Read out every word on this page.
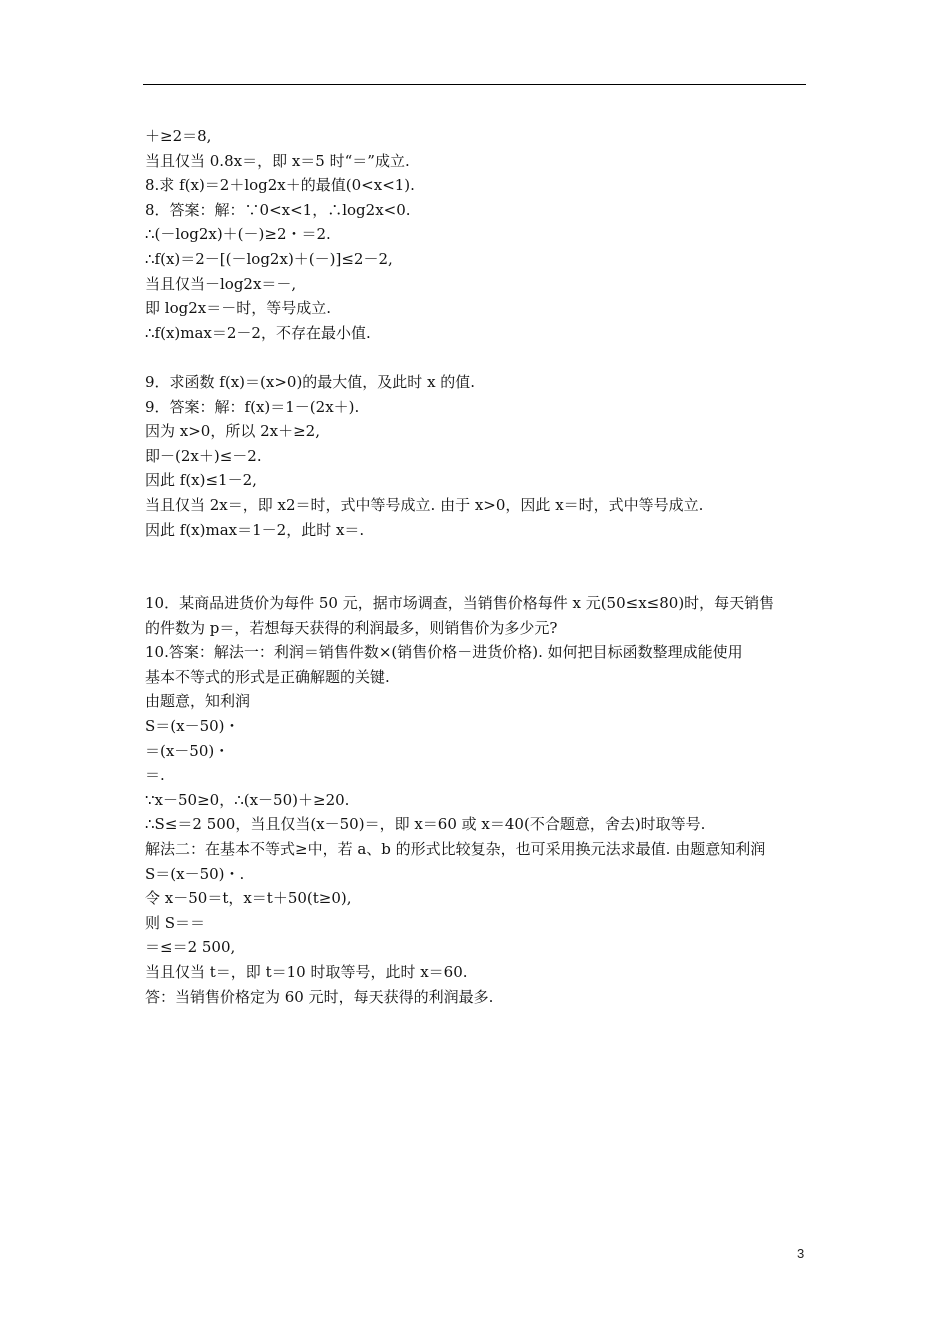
＋≥2＝8,
当且仅当 0.8x＝，即 x＝5 时“＝”成立.
8.求 f(x)＝2＋log2x＋的最值(0<x<1).
8．答案：解：∵0<x<1，∴log2x<0.
∴(－log2x)＋(－)≥2・＝2.
∴f(x)＝2－[(－log2x)＋(－)]≤2－2,
当且仅当－log2x＝－,
即 log2x＝－时，等号成立.
∴f(x)max＝2－2，不存在最小值.
9．求函数 f(x)＝(x>0)的最大值，及此时 x 的值.
9．答案：解：f(x)＝1－(2x＋).
因为 x>0，所以 2x＋≥2,
即－(2x＋)≤－2.
因此 f(x)≤1－2,
当且仅当 2x＝，即 x2＝时，式中等号成立. 由于 x>0，因此 x＝时，式中等号成立.
因此 f(x)max＝1－2，此时 x＝.
10．某商品进货价为每件 50 元，据市场调查，当销售价格每件 x 元(50≤x≤80)时，每天销售
的件数为 p＝，若想每天获得的利润最多，则销售价为多少元?
10.答案：解法一：利润＝销售件数×(销售价格－进货价格). 如何把目标函数整理成能使用
基本不等式的形式是正确解题的关键.
由题意，知利润
S＝(x－50)・
＝(x－50)・
＝.
∵x－50≥0，∴(x－50)＋≥20.
∴S≤＝2 500，当且仅当(x－50)＝，即 x＝60 或 x＝40(不合题意，舍去)时取等号.
解法二：在基本不等式≥中，若 a、b 的形式比较复杂，也可采用换元法求最值. 由题意知利润
S＝(x－50)・.
令 x－50＝t，x＝t＋50(t≥0),
则 S＝＝
＝≤＝2 500,
当且仅当 t＝，即 t＝10 时取等号，此时 x＝60.
答：当销售价格定为 60 元时，每天获得的利润最多.
3
